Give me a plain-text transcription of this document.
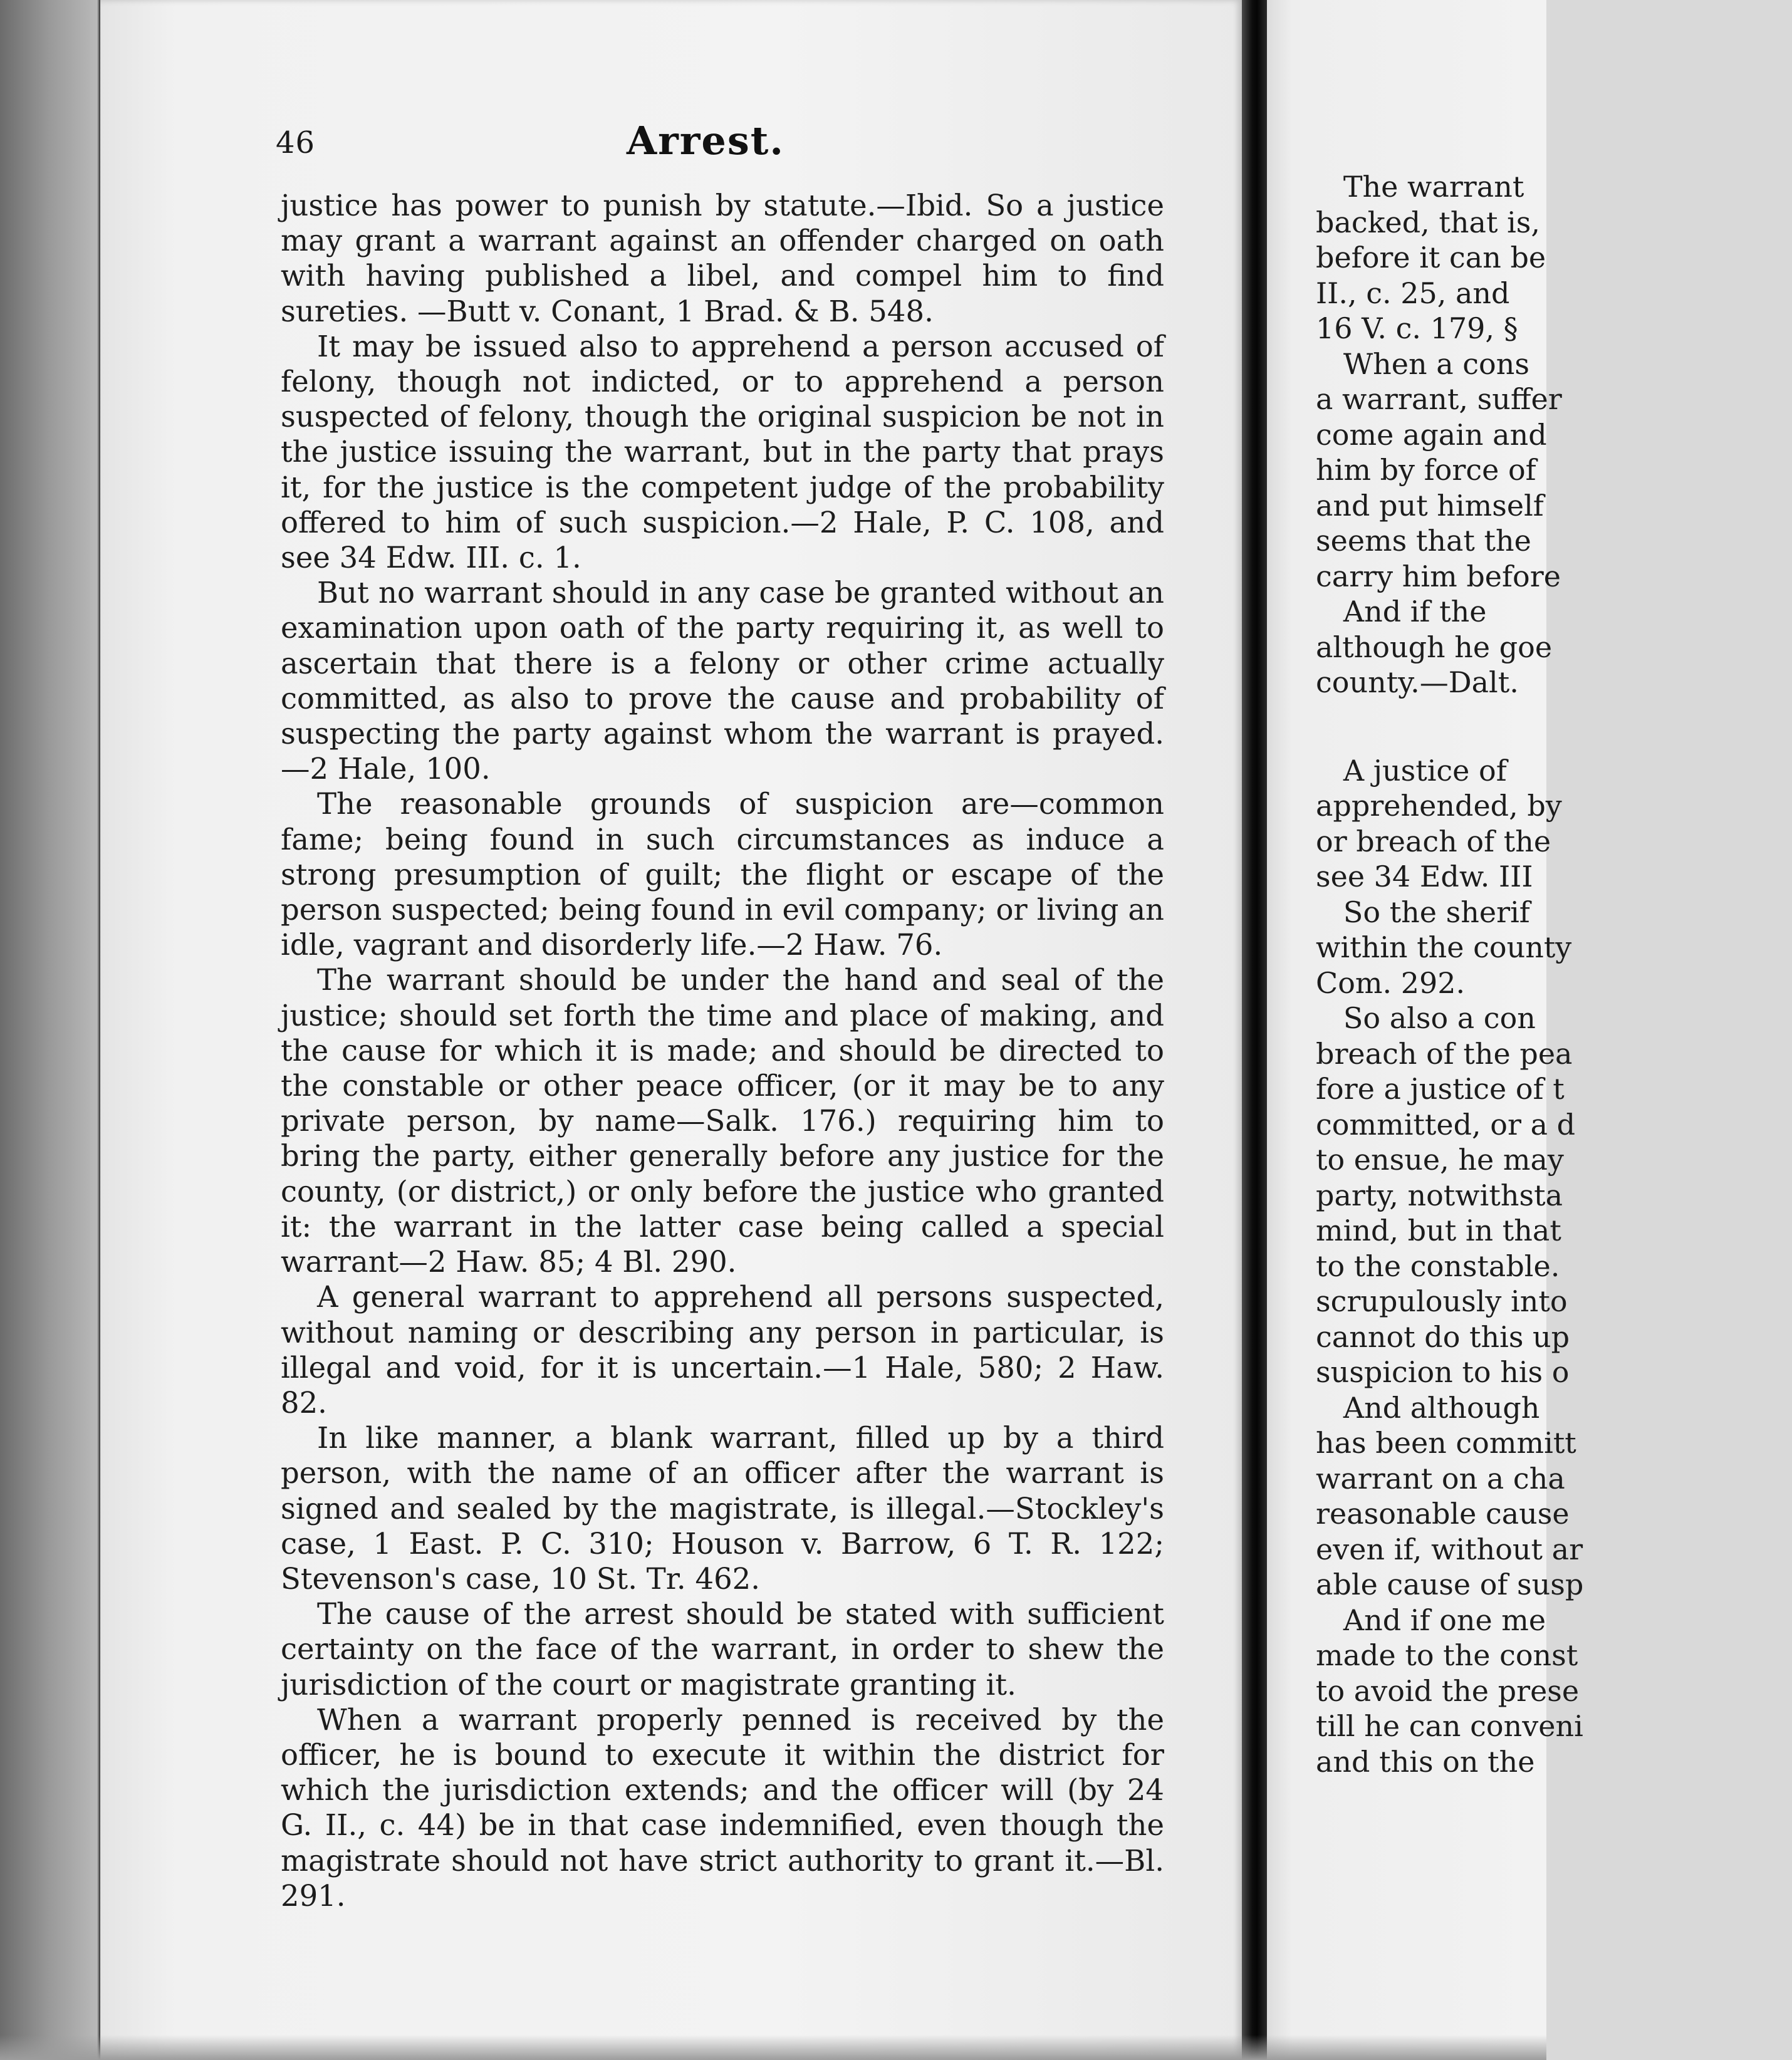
46	Arrest.

justice has power to punish by statute.—Ibid. So a justice may grant a warrant against an offender charged on oath with having published a libel, and compel him to find sureties. —Butt v. Conant, 1 Brad. & B. 548.

It may be issued also to apprehend a person accused of felony, though not indicted, or to apprehend a person suspected of felony, though the original suspicion be not in the justice issuing the warrant, but in the party that prays it, for the justice is the competent judge of the probability offered to him of such suspicion.—2 Hale, P. C. 108, and see 34 Edw. III. c. 1.

But no warrant should in any case be granted without an examination upon oath of the party requiring it, as well to ascertain that there is a felony or other crime actually committed, as also to prove the cause and probability of suspecting the party against whom the warrant is prayed.—2 Hale, 100.

The reasonable grounds of suspicion are—common fame; being found in such circumstances as induce a strong presumption of guilt; the flight or escape of the person suspected; being found in evil company; or living an idle, vagrant and disorderly life.—2 Haw. 76.

The warrant should be under the hand and seal of the justice; should set forth the time and place of making, and the cause for which it is made; and should be directed to the constable or other peace officer, (or it may be to any private person, by name—Salk. 176.) requiring him to bring the party, either generally before any justice for the county, (or district,) or only before the justice who granted it: the warrant in the latter case being called a special warrant—2 Haw. 85; 4 Bl. 290.

A general warrant to apprehend all persons suspected, without naming or describing any person in particular, is illegal and void, for it is uncertain.—1 Hale, 580; 2 Haw. 82.

In like manner, a blank warrant, filled up by a third person, with the name of an officer after the warrant is signed and sealed by the magistrate, is illegal.—Stockley's case, 1 East. P. C. 310; Houson v. Barrow, 6 T. R. 122; Stevenson's case, 10 St. Tr. 462.

The cause of the arrest should be stated with sufficient certainty on the face of the warrant, in order to shew the jurisdiction of the court or magistrate granting it.

When a warrant properly penned is received by the officer, he is bound to execute it within the district for which the jurisdiction extends; and the officer will (by 24 G. II., c. 44) be in that case indemnified, even though the magistrate should not have strict authority to grant it.—Bl. 291.

The warrant
backed, that is,
before it can be
II., c. 25, and
16 V. c. 179, §
When a cons
a warrant, suffer
come again and
him by force of
and put himself
seems that the
carry him before
And if the
although he goe
county.—Dalt.
A justice of
apprehended, by
or breach of the
see 34 Edw. III
So the sherif
within the county
Com. 292.
So also a con
breach of the pea
fore a justice of t
committed, or a d
to ensue, he may
party, notwithsta
mind, but in that
to the constable.
scrupulously into
cannot do this up
suspicion to his o
And although
has been committ
warrant on a cha
reasonable cause
even if, without ar
able cause of susp
And if one me
made to the const
to avoid the prese
till he can conveni
and this on the
